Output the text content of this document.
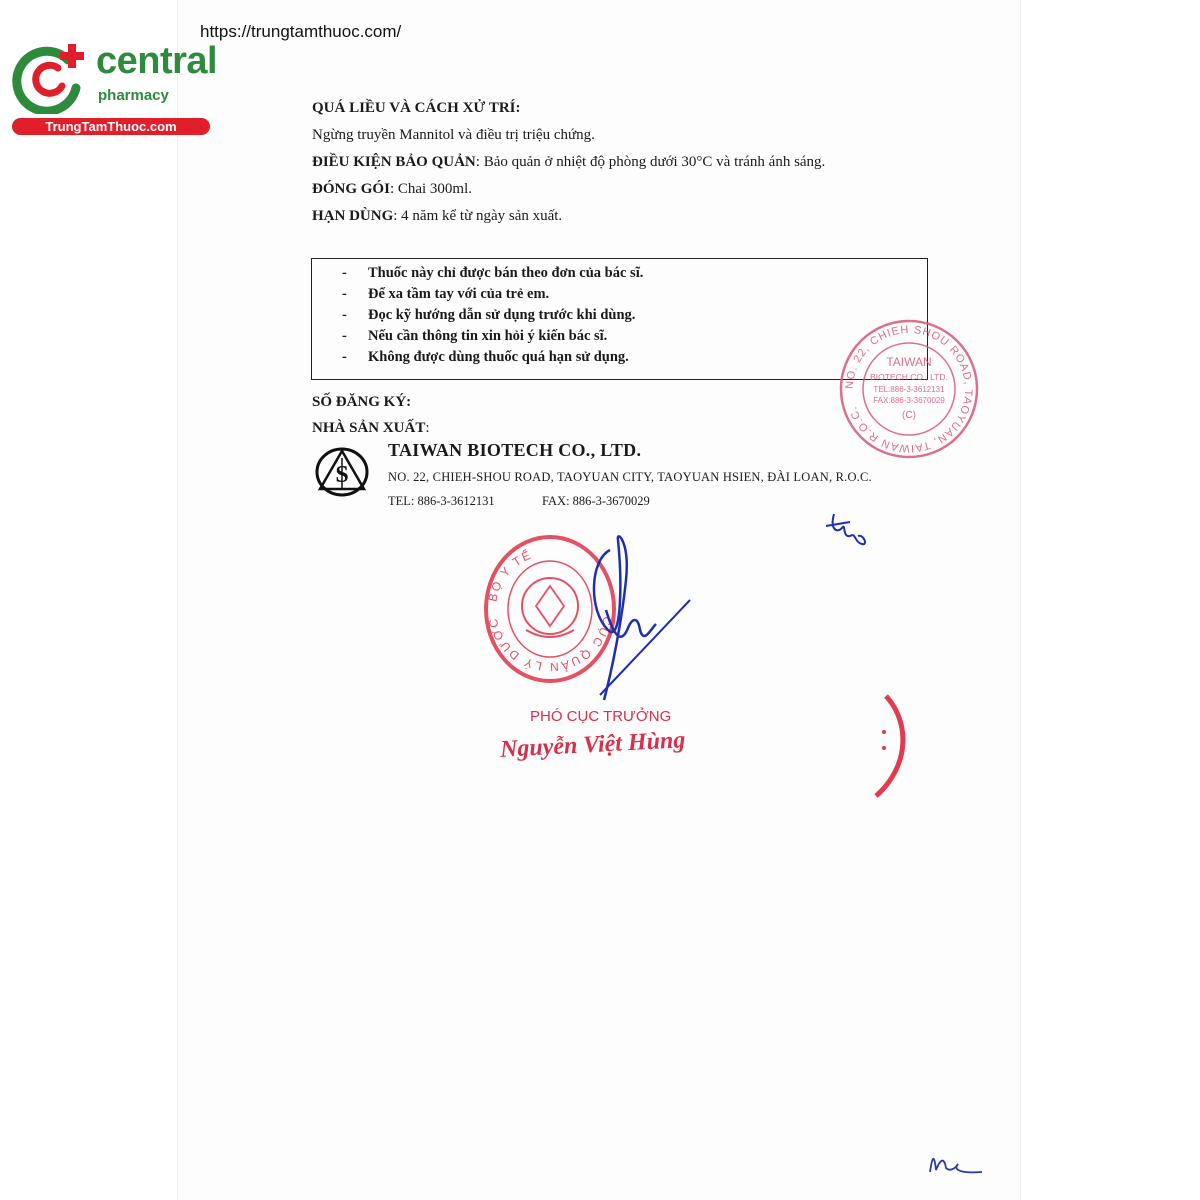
https://trungtamthuoc.com/
central
pharmacy
TrungTamThuoc.com
QUÁ LIỀU VÀ CÁCH XỬ TRÍ:
Ngừng truyền Mannitol và điều trị triệu chứng.
ĐIỀU KIỆN BẢO QUẢN: Bảo quản ở nhiệt độ phòng dưới 30°C và tránh ánh sáng.
ĐÓNG GÓI: Chai 300ml.
HẠN DÙNG: 4 năm kể từ ngày sản xuất.
- Thuốc này chỉ được bán theo đơn của bác sĩ.
- Để xa tầm tay với của trẻ em.
- Đọc kỹ hướng dẫn sử dụng trước khi dùng.
- Nếu cần thông tin xin hỏi ý kiến bác sĩ.
- Không được dùng thuốc quá hạn sử dụng.
SỐ ĐĂNG KÝ:
NHÀ SẢN XUẤT:
S
TAIWAN BIOTECH CO., LTD.
NO. 22, CHIEH-SHOU ROAD, TAOYUAN CITY, TAOYUAN HSIEN, ĐÀI LOAN, R.O.C.
TEL: 886-3-3612131	FAX: 886-3-3670029
NO. 22, CHIEH SHOU ROAD, TAOYUAN, TAIWAN R.O.C.
TAIWAN
BIOTECH CO., LTD.
TEL:886-3-3612131
FAX:886-3-3670029
(C)
BỘ Y TẾ
CỤC QUẢN LÝ DƯỢC
PHÓ CỤC TRƯỞNG
Nguyễn Việt Hùng
